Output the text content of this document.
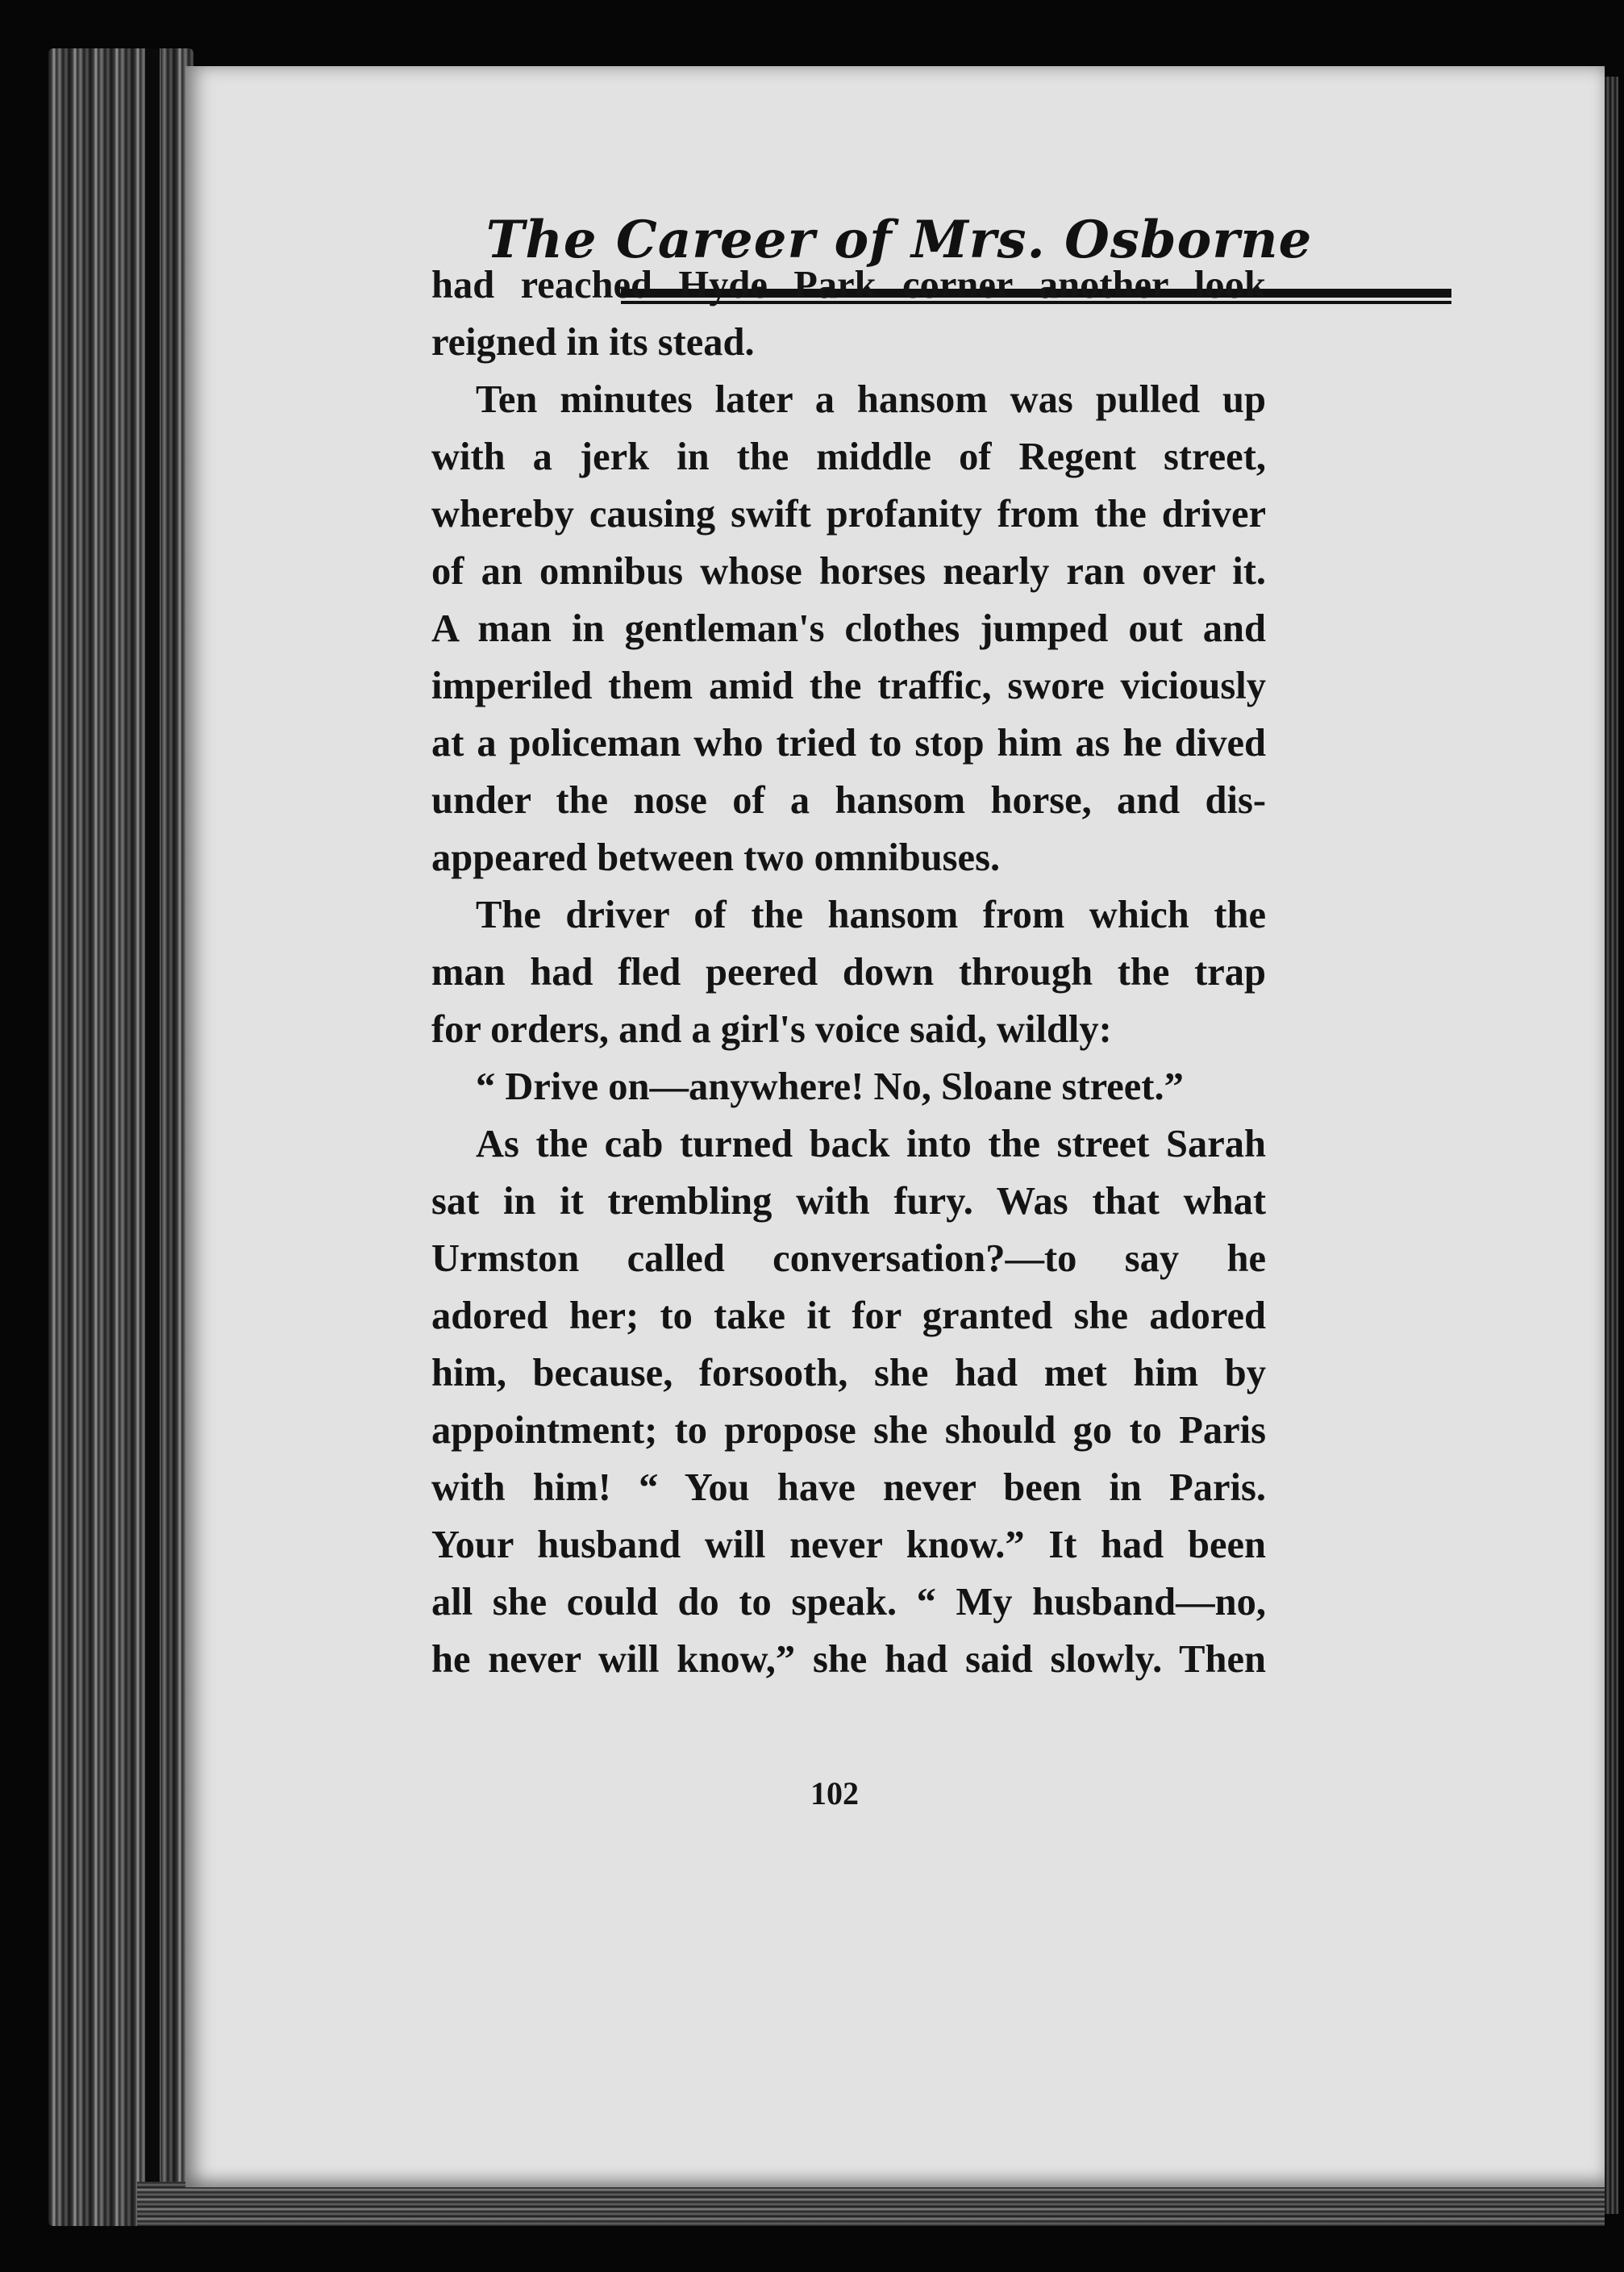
The Career of Mrs. Osborne
had reached Hyde Park corner another look
reigned in its stead.
Ten minutes later a hansom was pulled up
with a jerk in the middle of Regent street,
whereby causing swift profanity from the driver
of an omnibus whose horses nearly ran over it.
A man in gentleman's clothes jumped out and
imperiled them amid the traffic, swore viciously
at a policeman who tried to stop him as he dived
under the nose of a hansom horse, and dis-
appeared between two omnibuses.
The driver of the hansom from which the
man had fled peered down through the trap
for orders, and a girl's voice said, wildly:
“ Drive on—anywhere! No, Sloane street.”
As the cab turned back into the street Sarah
sat in it trembling with fury. Was that what
Urmston called conversation?—to say he
adored her; to take it for granted she adored
him, because, forsooth, she had met him by
appointment; to propose she should go to Paris
with him! “ You have never been in Paris.
Your husband will never know.” It had been
all she could do to speak. “ My husband—no,
he never will know,” she had said slowly. Then
102
